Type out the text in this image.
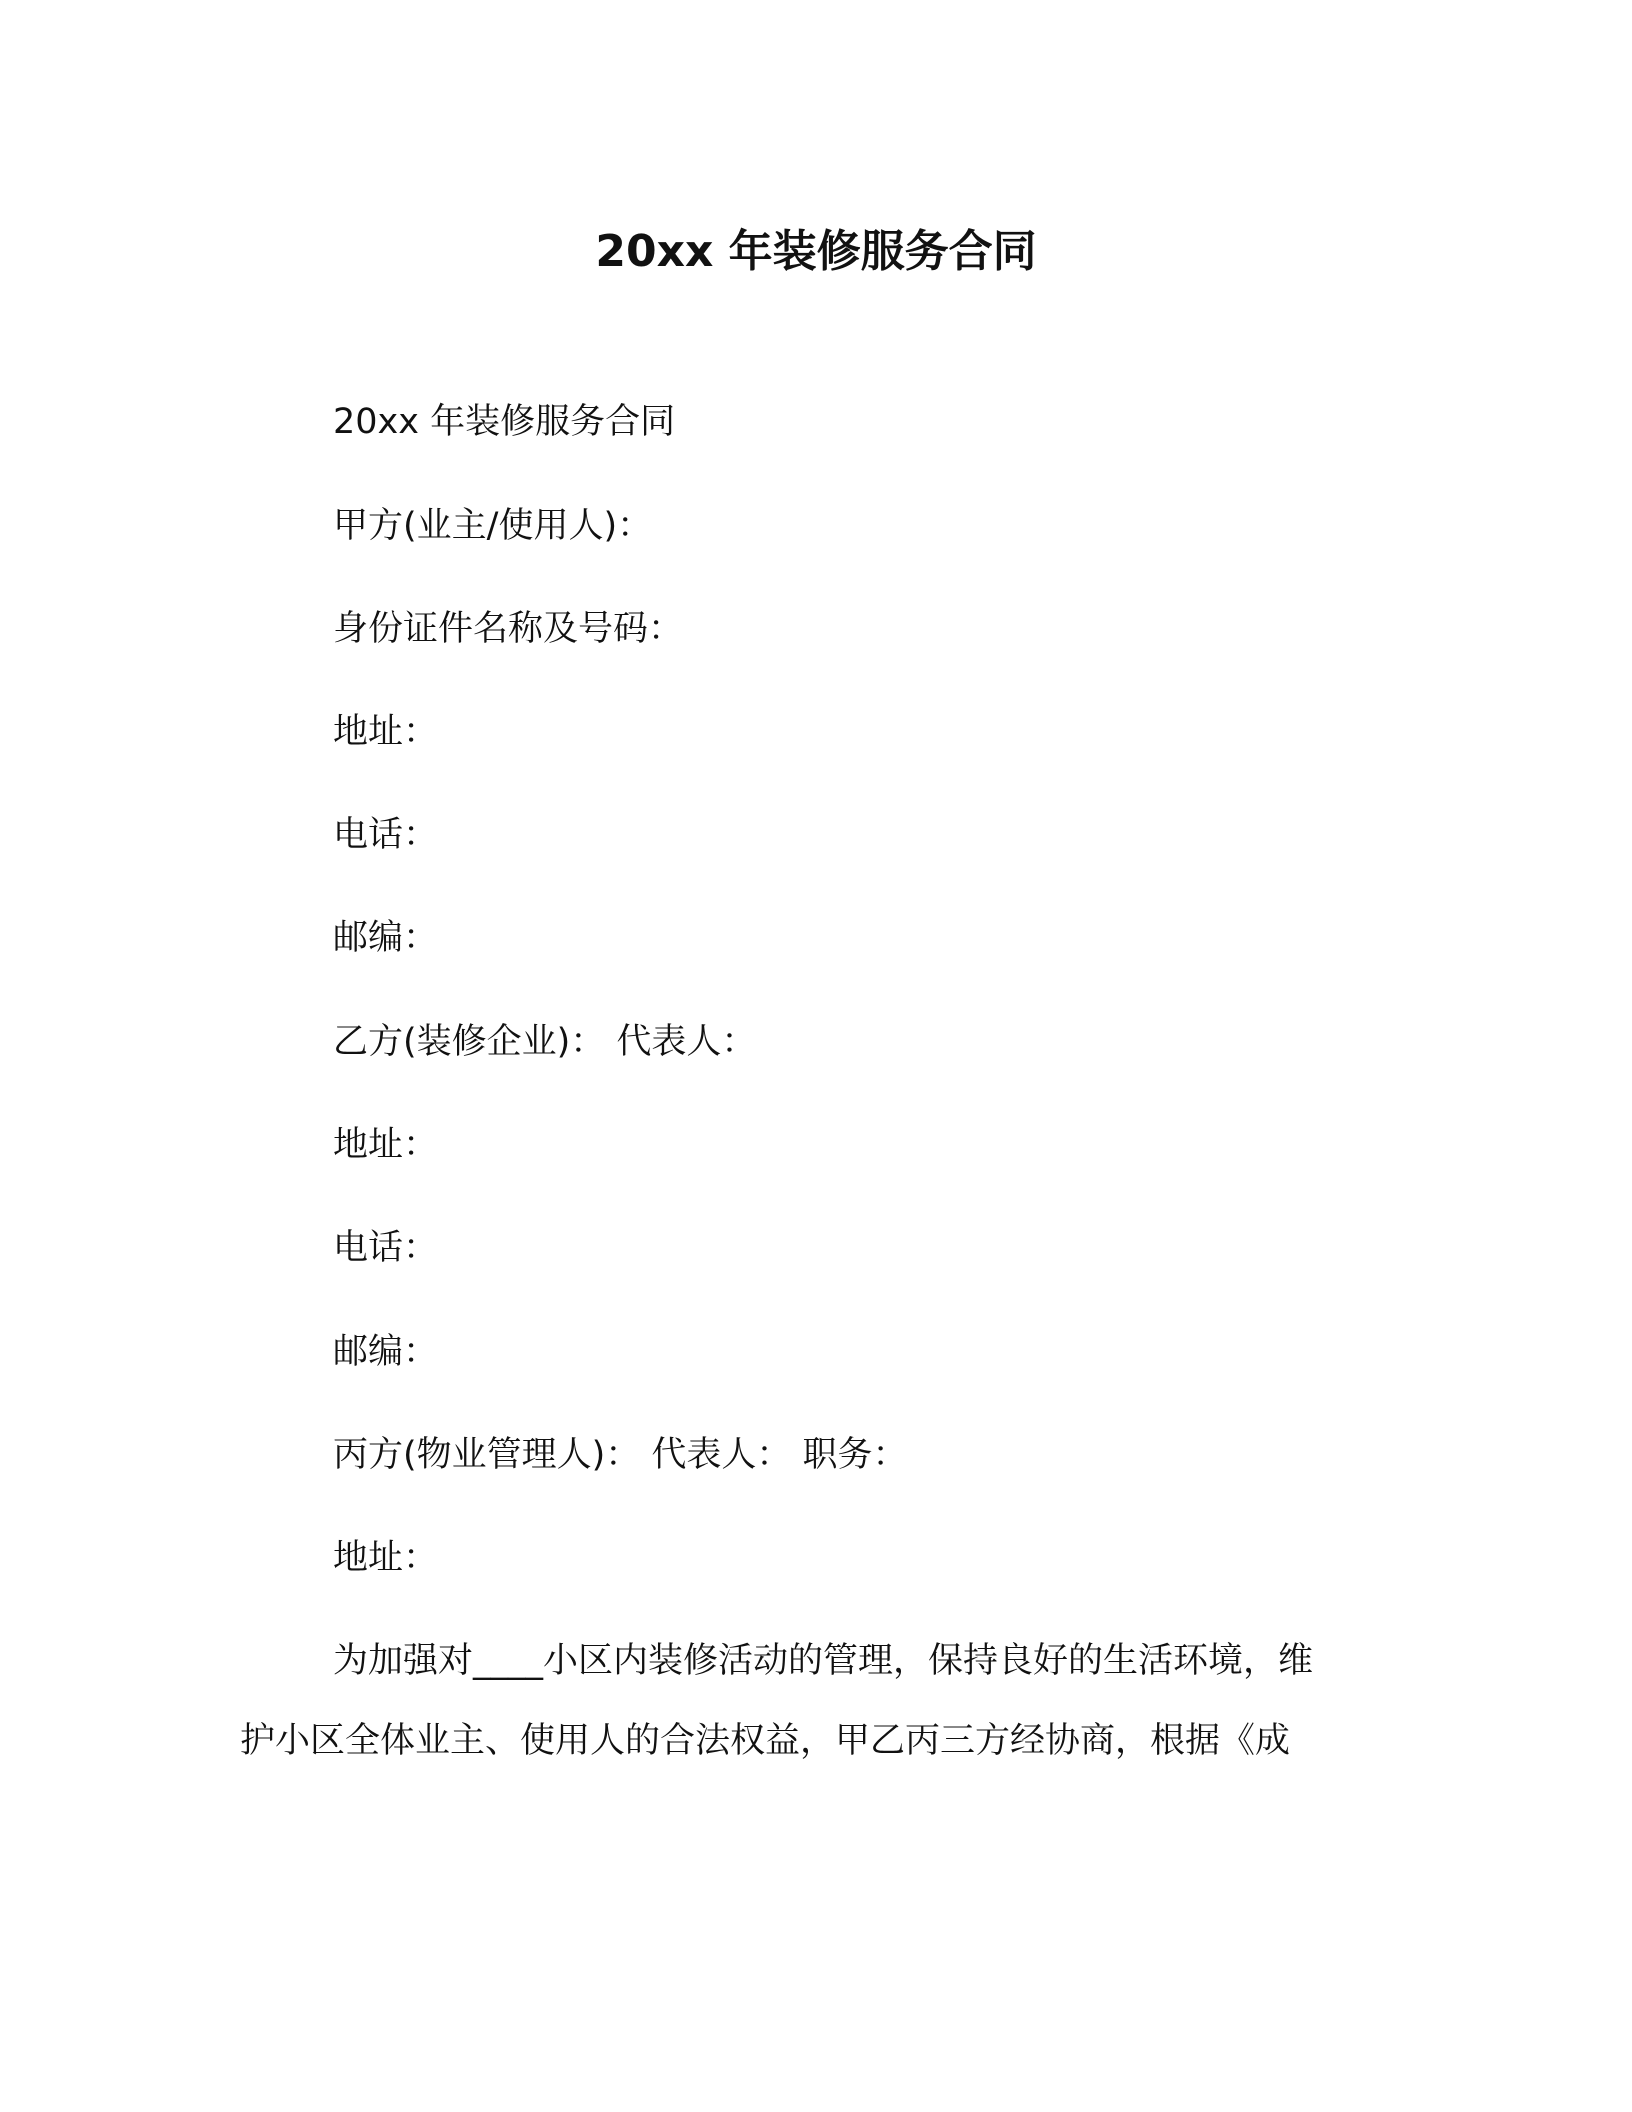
20xx 年装修服务合同
20xx 年装修服务合同
甲方(业主/使用人)：
身份证件名称及号码：
地址：
电话：
邮编：
乙方(装修企业)： 代表人：
地址：
电话：
邮编：
丙方(物业管理人)： 代表人： 职务：
地址：
为加强对____小区内装修活动的管理，保持良好的生活环境，维
护小区全体业主、使用人的合法权益，甲乙丙三方经协商，根据《成
